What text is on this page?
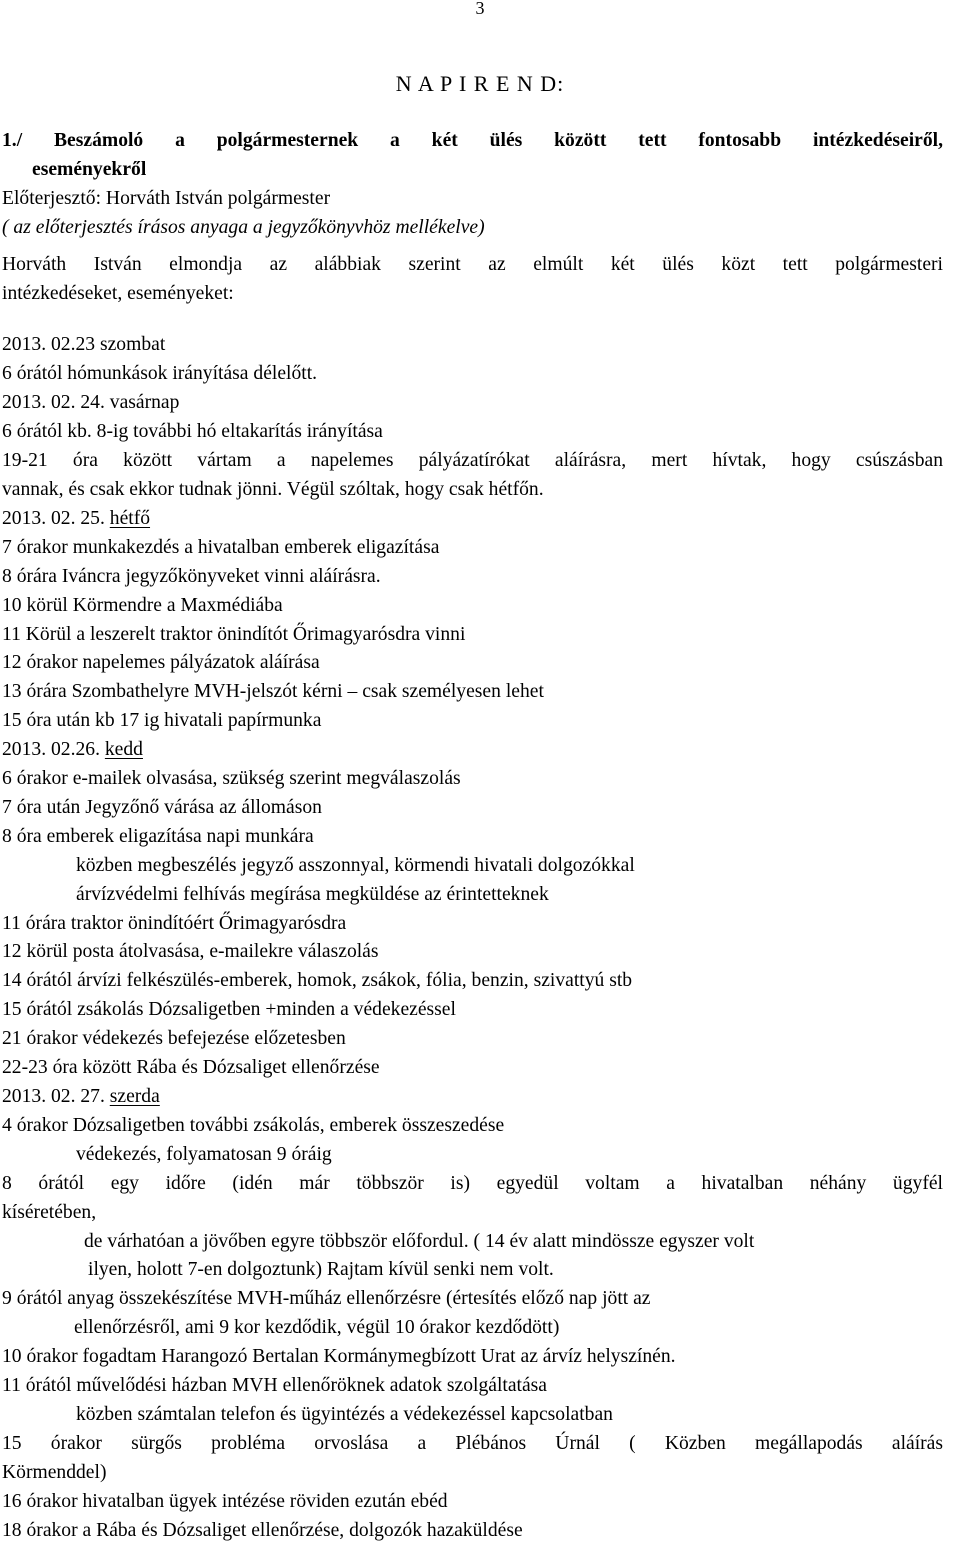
3
N A P I R E N D:

1./ Beszámoló a polgármesternek a két ülés között tett fontosabb intézkedéseiről,

eseményekről

Előterjesztő: Horváth István polgármester

( az előterjesztés írásos anyaga a jegyzőkönyvhöz mellékelve)

Horváth István elmondja az alábbiak szerint az elmúlt két ülés közt tett polgármesteri

intézkedéseket, eseményeket:

2013. 02.23 szombat

6 órától hómunkások irányítása délelőtt.

2013. 02. 24. vasárnap

6 órától kb. 8-ig további hó eltakarítás irányítása

19-21 óra között vártam a napelemes pályázatírókat aláírásra, mert hívtak, hogy csúszásban

vannak, és csak ekkor tudnak jönni. Végül szóltak, hogy csak hétfőn.

2013. 02. 25. hétfő

7 órakor munkakezdés a hivatalban emberek eligazítása

8 órára Iváncra jegyzőkönyveket vinni aláírásra.

10 körül Körmendre a Maxmédiába

11 Körül a leszerelt traktor önindítót Őrimagyarósdra vinni

12 órakor napelemes pályázatok aláírása

13 órára Szombathelyre MVH-jelszót kérni – csak személyesen lehet

15 óra után kb 17 ig hivatali papírmunka

2013. 02.26. kedd

6 órakor e-mailek olvasása, szükség szerint megválaszolás

7 óra után Jegyzőnő várása az állomáson

8 óra emberek eligazítása napi munkára

közben megbeszélés jegyző asszonnyal, körmendi hivatali dolgozókkal

árvízvédelmi felhívás megírása megküldése az érintetteknek

11 órára traktor önindítóért Őrimagyarósdra

12 körül posta átolvasása, e-mailekre válaszolás

14 órától árvízi felkészülés-emberek, homok, zsákok, fólia, benzin, szivattyú stb

15 órától zsákolás Dózsaligetben +minden a védekezéssel

21 órakor védekezés befejezése előzetesben

22-23 óra között Rába és Dózsaliget ellenőrzése

2013. 02. 27. szerda

4 órakor Dózsaligetben további zsákolás, emberek összeszedése

védekezés, folyamatosan 9 óráig

8 órától egy időre (idén már többször is) egyedül voltam a hivatalban néhány ügyfél

kíséretében,

de várhatóan a jövőben egyre többször előfordul. ( 14 év alatt mindössze egyszer volt

ilyen, holott 7-en dolgoztunk) Rajtam kívül senki nem volt.

9 órától anyag összekészítése MVH-műház ellenőrzésre (értesítés előző nap jött az

ellenőrzésről, ami 9 kor kezdődik, végül 10 órakor kezdődött)

10 órakor fogadtam Harangozó Bertalan Kormánymegbízott Urat az árvíz helyszínén.

11 órától művelődési házban MVH ellenőröknek adatok szolgáltatása

közben számtalan telefon és ügyintézés a védekezéssel kapcsolatban

15 órakor sürgős probléma orvoslása a Plébános Úrnál ( Közben megállapodás aláírás

Körmenddel)

16 órakor hivatalban ügyek intézése röviden ezután ebéd

18 órakor a Rába és Dózsaliget ellenőrzése, dolgozók hazaküldése
